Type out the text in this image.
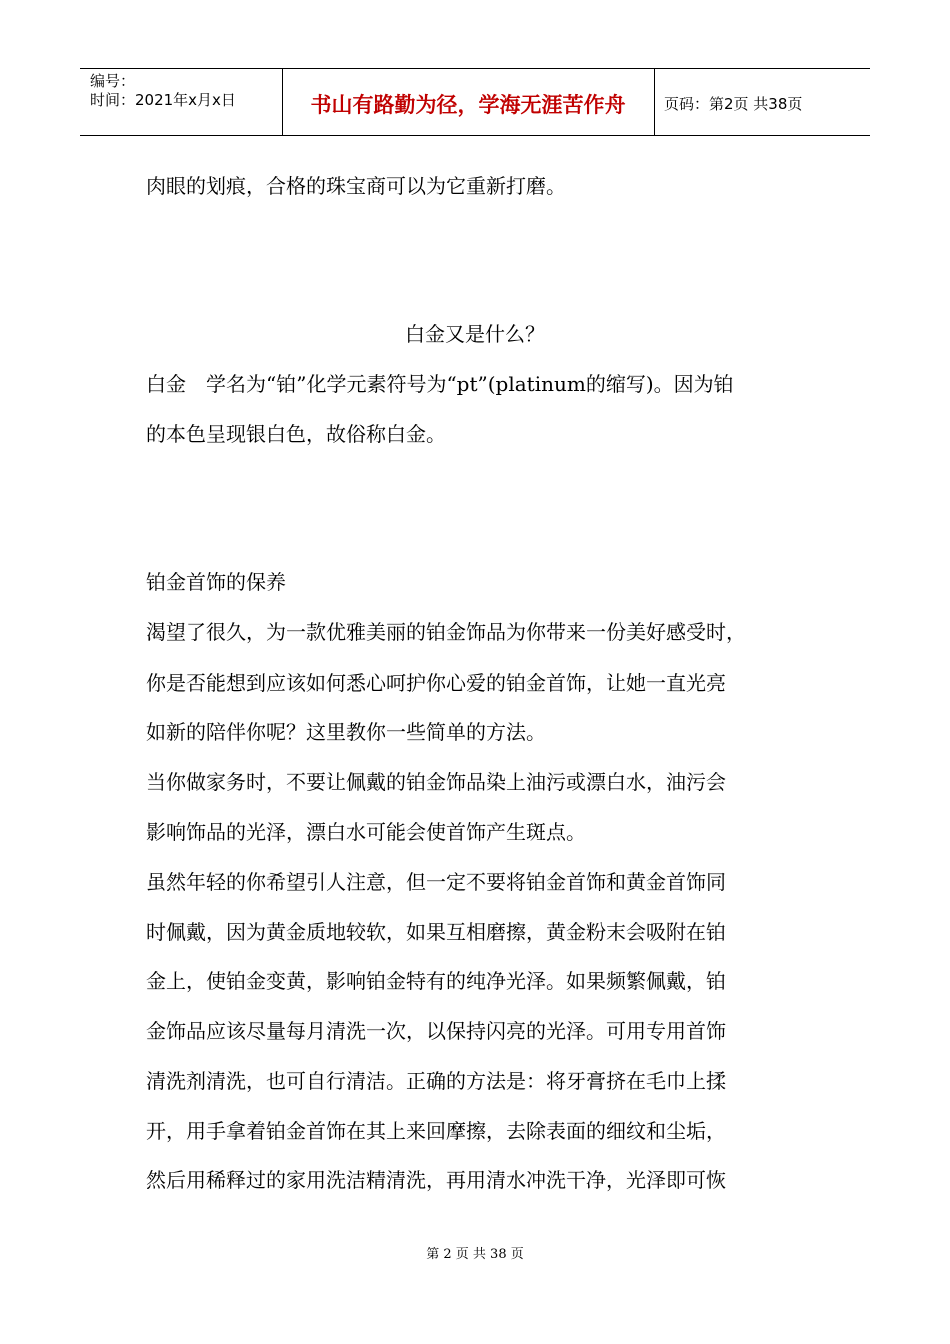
编号：
时间：2021年x月x日	书山有路勤为径，学海无涯苦作舟	页码：第2页 共38页
肉眼的划痕，合格的珠宝商可以为它重新打磨。
白金又是什么？
白金　学名为“铂”化学元素符号为“pt”(platinum的缩写)。因为铂
的本色呈现银白色，故俗称白金。
铂金首饰的保养
渴望了很久，为一款优雅美丽的铂金饰品为你带来一份美好感受时，
你是否能想到应该如何悉心呵护你心爱的铂金首饰，让她一直光亮
如新的陪伴你呢？这里教你一些简单的方法。
当你做家务时，不要让佩戴的铂金饰品染上油污或漂白水，油污会
影响饰品的光泽，漂白水可能会使首饰产生斑点。
虽然年轻的你希望引人注意，但一定不要将铂金首饰和黄金首饰同
时佩戴，因为黄金质地较软，如果互相磨擦，黄金粉末会吸附在铂
金上，使铂金变黄，影响铂金特有的纯净光泽。如果频繁佩戴，铂
金饰品应该尽量每月清洗一次，以保持闪亮的光泽。可用专用首饰
清洗剂清洗，也可自行清洁。正确的方法是：将牙膏挤在毛巾上揉
开，用手拿着铂金首饰在其上来回摩擦，去除表面的细纹和尘垢，
然后用稀释过的家用洗洁精清洗，再用清水冲洗干净，光泽即可恢
第 2 页 共 38 页
